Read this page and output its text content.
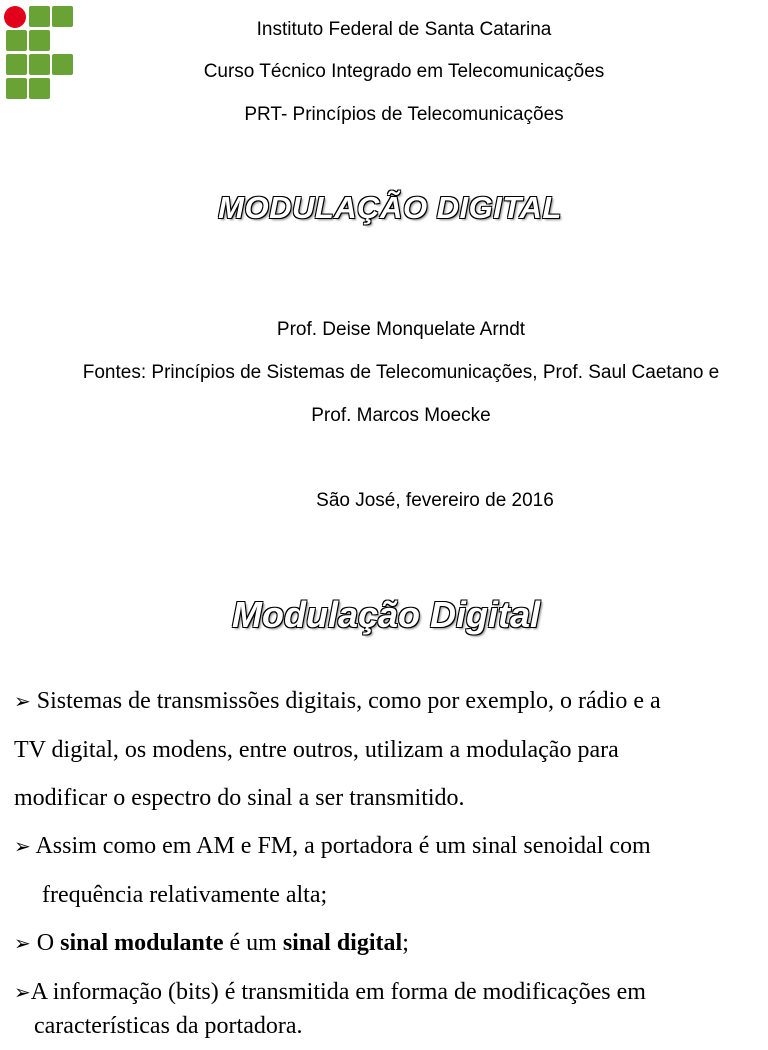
Instituto Federal de Santa Catarina
Curso Técnico Integrado em Telecomunicações
PRT- Princípios de Telecomunicações
MODULAÇÃO DIGITAL
Prof. Deise Monquelate Arndt
Fontes: Princípios de Sistemas de Telecomunicações, Prof. Saul Caetano e
Prof. Marcos Moecke
São José, fevereiro de 2016
Modulação Digital
➢ Sistemas de transmissões digitais, como por exemplo, o rádio e a
TV digital, os modens, entre outros, utilizam a modulação para
modificar o espectro do sinal a ser transmitido.
➢ Assim como em AM e FM, a portadora é um sinal senoidal com
frequência relativamente alta;
➢ O sinal modulante é um sinal digital;
➢A informação (bits) é transmitida em forma de modificações em
características da portadora.
